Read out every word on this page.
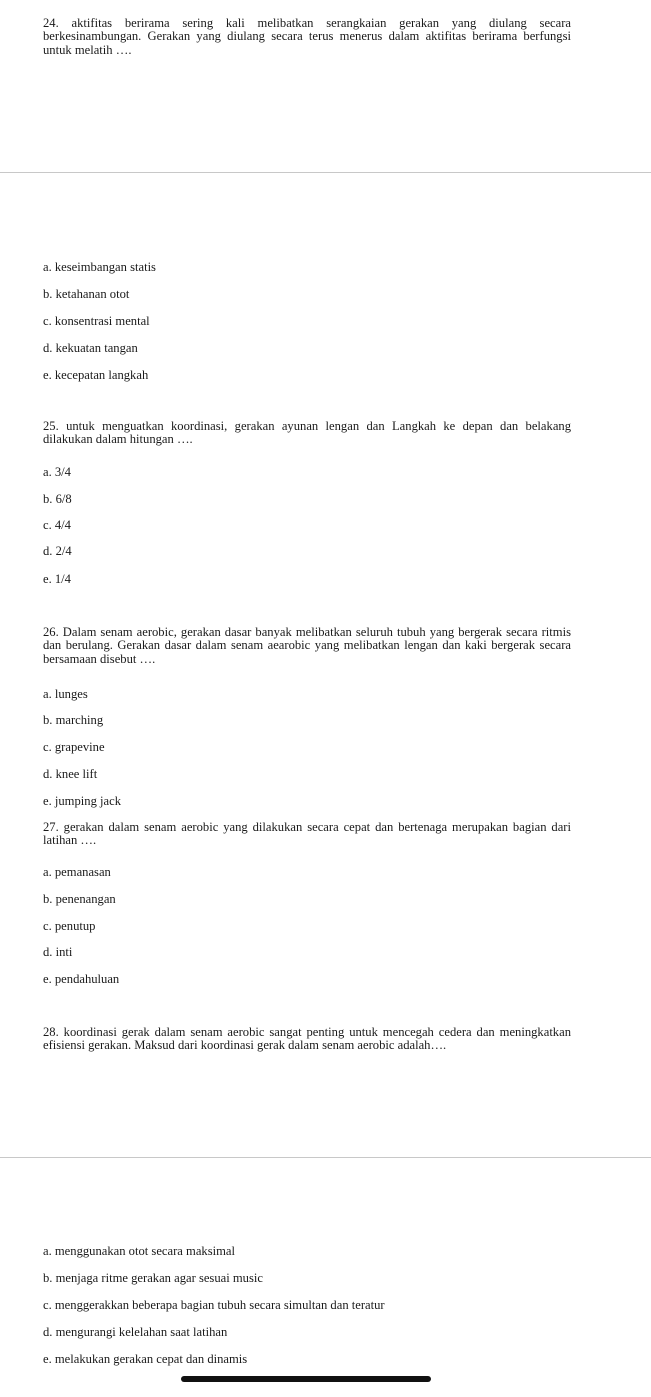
24. aktifitas berirama sering kali melibatkan serangkaian gerakan yang diulang secara berkesinambungan. Gerakan yang diulang secara terus menerus dalam aktifitas berirama berfungsi untuk melatih ….
a. keseimbangan statis
b. ketahanan otot
c. konsentrasi mental
d. kekuatan tangan
e. kecepatan langkah
25. untuk menguatkan koordinasi, gerakan ayunan lengan dan Langkah ke depan dan belakang dilakukan dalam hitungan ….
a. 3/4
b. 6/8
c. 4/4
d. 2/4
e. 1/4
26. Dalam senam aerobic, gerakan dasar banyak melibatkan seluruh tubuh yang bergerak secara ritmis dan berulang. Gerakan dasar dalam senam aearobic yang melibatkan lengan dan kaki bergerak secara bersamaan disebut ….
a. lunges
b. marching
c. grapevine
d. knee lift
e. jumping jack
27. gerakan dalam senam aerobic yang dilakukan secara cepat dan bertenaga merupakan bagian dari latihan ….
a. pemanasan
b. penenangan
c. penutup
d. inti
e. pendahuluan
28. koordinasi gerak dalam senam aerobic sangat penting untuk mencegah cedera dan meningkatkan efisiensi gerakan. Maksud dari koordinasi gerak dalam senam aerobic adalah….
a. menggunakan otot secara maksimal
b. menjaga ritme gerakan agar sesuai music
c. menggerakkan beberapa bagian tubuh secara simultan dan teratur
d. mengurangi kelelahan saat latihan
e. melakukan gerakan cepat dan dinamis
